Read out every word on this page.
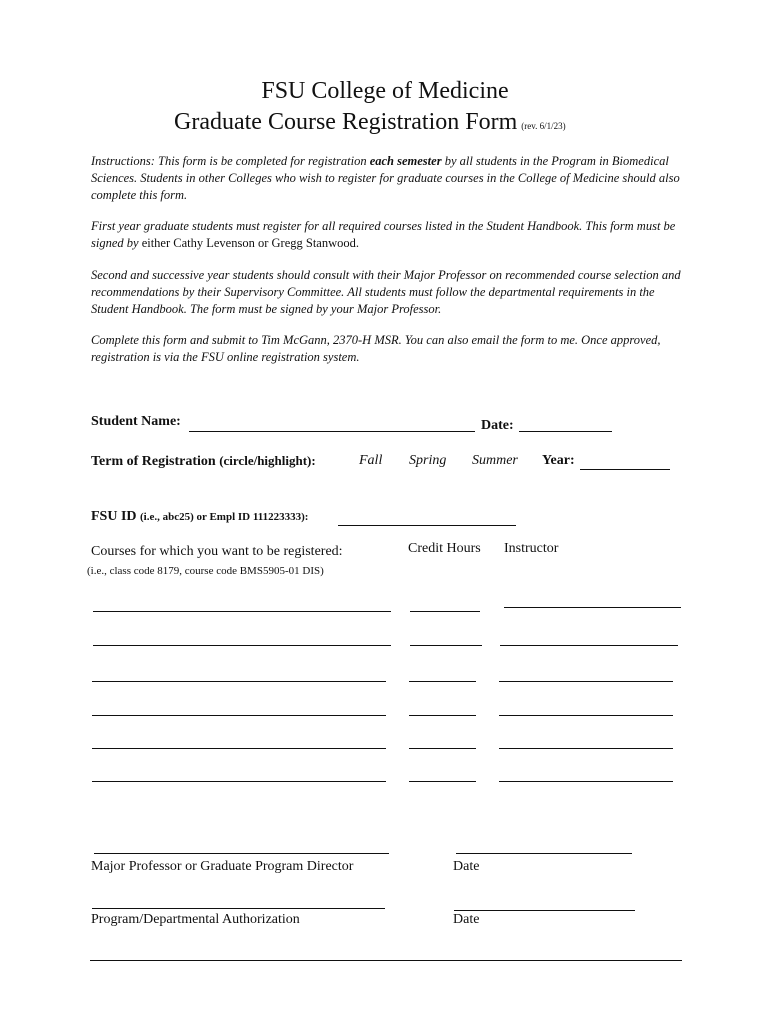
FSU College of Medicine
Graduate Course Registration Form (rev. 6/1/23)
Instructions: This form is be completed for registration each semester by all students in the Program in Biomedical Sciences. Students in other Colleges who wish to register for graduate courses in the College of Medicine should also complete this form.
First year graduate students must register for all required courses listed in the Student Handbook. This form must be signed by either Cathy Levenson or Gregg Stanwood.
Second and successive year students should consult with their Major Professor on recommended course selection and recommendations by their Supervisory Committee. All students must follow the departmental requirements in the Student Handbook. The form must be signed by your Major Professor.
Complete this form and submit to Tim McGann, 2370-H MSR. You can also email the form to me. Once approved, registration is via the FSU online registration system.
Student Name:	Date:
Term of Registration (circle/highlight):	Fall Spring Summer Year:
FSU ID (i.e., abc25) or Empl ID 111223333):
Courses for which you want to be registered:
(i.e., class code 8179, course code BMS5905-01 DIS)
Credit Hours Instructor
Major Professor or Graduate Program Director	Date
Program/Departmental Authorization	Date
